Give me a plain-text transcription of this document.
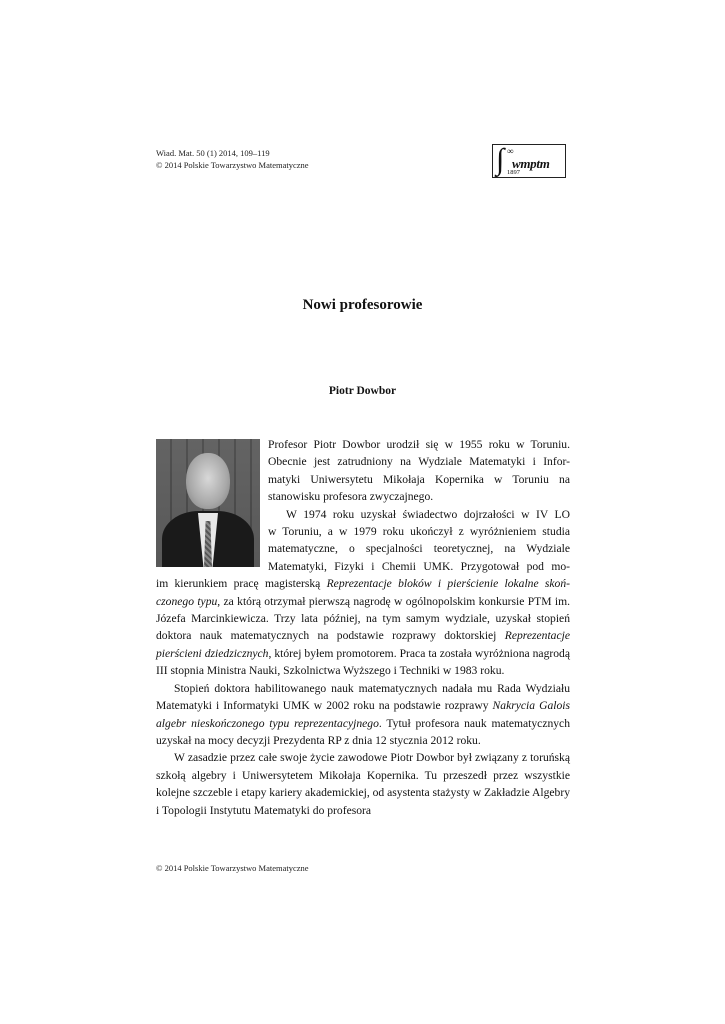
Wiad. Mat. 50 (1) 2014, 109–119
© 2014 Polskie Towarzystwo Matematyczne	∫ ∞
wmptm
1897
Nowi profesorowie
Piotr Dowbor
Profesor Piotr Dowbor urodził się w 1955 roku w Toruniu.
Obecnie jest zatrudniony na Wydziale Matematyki i Infor-
matyki Uniwersytetu Mikołaja Kopernika w Toruniu na
stanowisku profesora zwyczajnego.
W 1974 roku uzyskał świadectwo dojrzałości w IV LO
w Toruniu, a w 1979 roku ukończył z wyróżnieniem studia
matematyczne, o specjalności teoretycznej, na Wydziale
Matematyki, Fizyki i Chemii UMK. Przygotował pod mo-

im kierunkiem pracę magisterską Reprezentacje bloków i pierścienie lokalne skończonego typu, za którą otrzymał pierwszą nagrodę w ogólnopolskim konkursie PTM im. Józefa Marcinkiewicza. Trzy lata później, na tym samym wydziale, uzyskał stopień doktora nauk matematycznych na podstawie rozprawy doktorskiej Reprezentacje pierścieni dziedzicznych, której byłem promotorem. Praca ta została wyróżniona nagrodą III stopnia Ministra Nauki, Szkolnictwa Wyższego i Techniki w 1983 roku.

Stopień doktora habilitowanego nauk matematycznych nadała mu Rada Wydziału Matematyki i Informatyki UMK w 2002 roku na podstawie rozprawy Nakrycia Galois algebr nieskończonego typu reprezentacyjnego. Tytuł profesora nauk matematycznych uzyskał na mocy decyzji Prezydenta RP z dnia 12 stycznia 2012 roku.

W zasadzie przez całe swoje życie zawodowe Piotr Dowbor był związany z toruńską szkołą algebry i Uniwersytetem Mikołaja Kopernika. Tu przeszedł przez wszystkie kolejne szczeble i etapy kariery akademickiej, od asystenta stażysty w Zakładzie Algebry i Topologii Instytutu Matematyki do profesora

© 2014 Polskie Towarzystwo Matematyczne
